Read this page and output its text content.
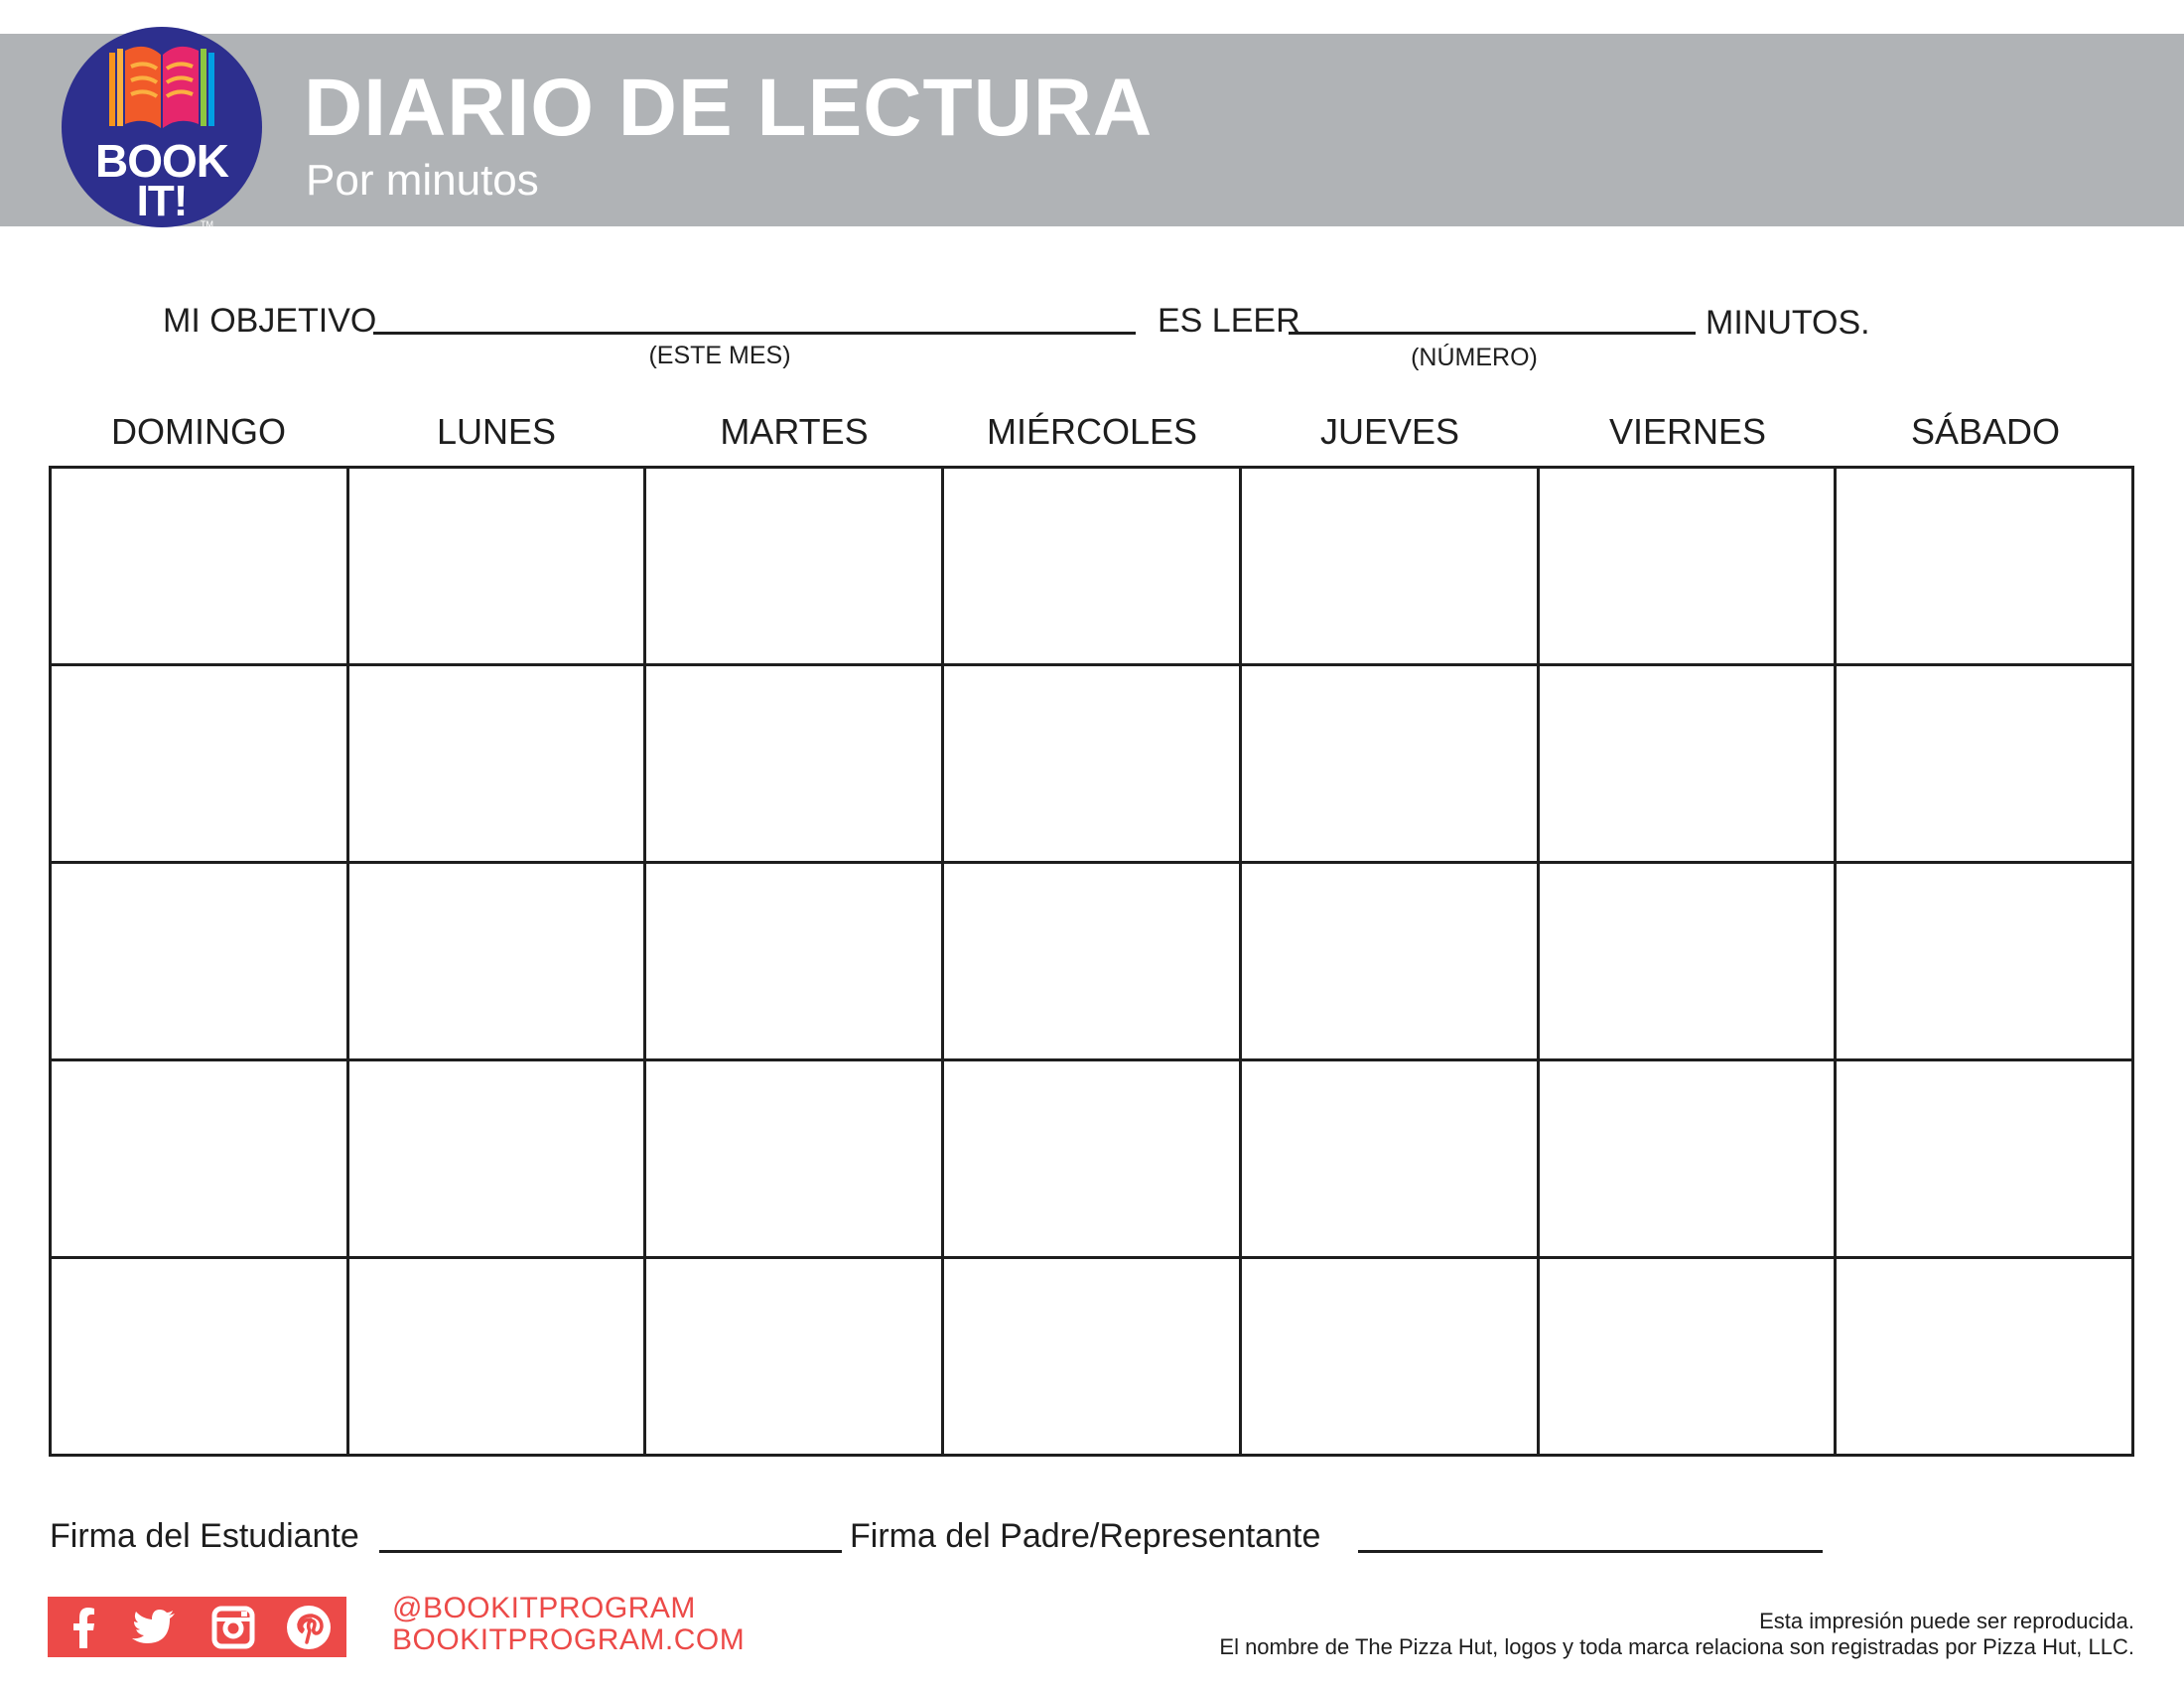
BOOK
IT!	TM
DIARIO DE LECTURA
Por minutos
MI OBJETIVO
(ESTE MES)
ES LEER
(NÚMERO)
MINUTOS.
DOMINGO	LUNES	MARTES	MIÉRCOLES	JUEVES	VIERNES	SÁBADO
Firma del Estudiante	Firma del Padre/Representante
@BOOKITPROGRAM
BOOKITPROGRAM.COM
Esta impresión puede ser reproducida.
El nombre de The Pizza Hut, logos y toda marca relaciona son registradas por Pizza Hut, LLC.
